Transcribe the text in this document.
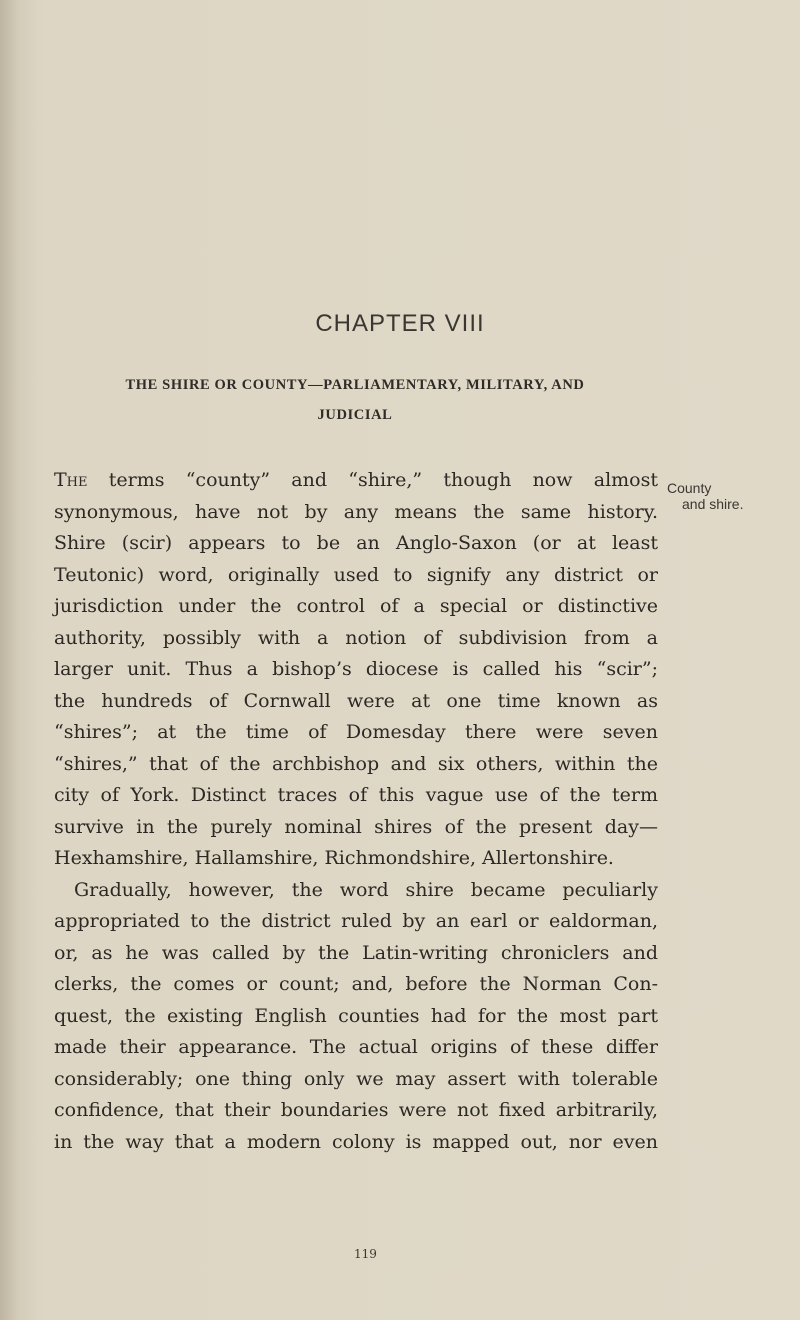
CHAPTER VIII
THE SHIRE OR COUNTY—PARLIAMENTARY, MILITARY, AND
JUDICIAL
County
and shire.
The terms “county” and “shire,” though now almost
synonymous, have not by any means the same history.
Shire (scir) appears to be an Anglo-Saxon (or at least
Teutonic) word, originally used to signify any district or
jurisdiction under the control of a special or distinctive
authority, possibly with a notion of subdivision from a
larger unit. Thus a bishop’s diocese is called his “scir”;
the hundreds of Cornwall were at one time known as
“shires”; at the time of Domesday there were seven
“shires,” that of the archbishop and six others, within the
city of York. Distinct traces of this vague use of the term
survive in the purely nominal shires of the present day—
Hexhamshire, Hallamshire, Richmondshire, Allertonshire.
Gradually, however, the word shire became peculiarly
appropriated to the district ruled by an earl or ealdorman,
or, as he was called by the Latin-writing chroniclers and
clerks, the comes or count; and, before the Norman Con-
quest, the existing English counties had for the most part
made their appearance. The actual origins of these differ
considerably; one thing only we may assert with tolerable
confidence, that their boundaries were not fixed arbitrarily,
in the way that a modern colony is mapped out, nor even
119
